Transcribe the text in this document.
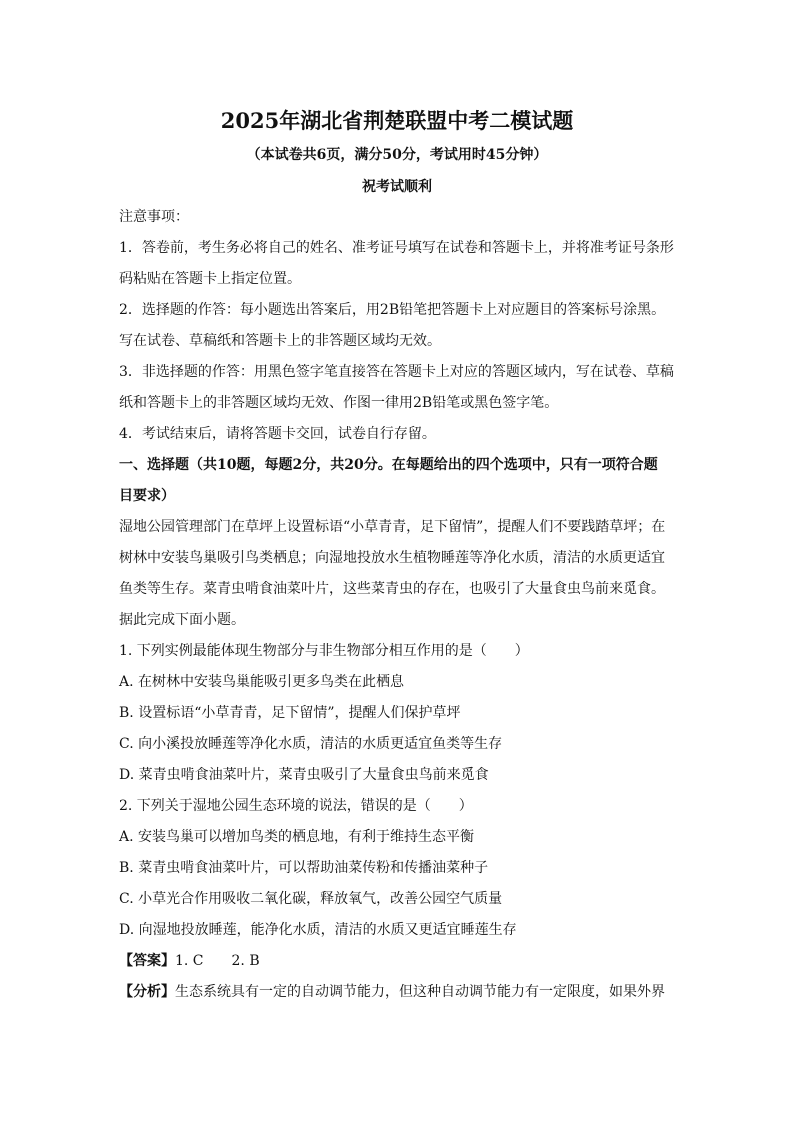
2025年湖北省荆楚联盟中考二模试题
（本试卷共6页，满分50分，考试用时45分钟）
祝考试顺利
注意事项：
1．答卷前，考生务必将自己的姓名、准考证号填写在试卷和答题卡上，并将准考证号条形
码粘贴在答题卡上指定位置。
2．选择题的作答：每小题选出答案后，用2B铅笔把答题卡上对应题目的答案标号涂黑。
写在试卷、草稿纸和答题卡上的非答题区域均无效。
3．非选择题的作答：用黑色签字笔直接答在答题卡上对应的答题区域内，写在试卷、草稿
纸和答题卡上的非答题区域均无效、作图一律用2B铅笔或黑色签字笔。
4．考试结束后，请将答题卡交回，试卷自行存留。
一、选择题（共10题，每题2分，共20分。在每题给出的四个选项中，只有一项符合题
目要求）
湿地公园管理部门在草坪上设置标语“小草青青，足下留情”，提醒人们不要践踏草坪；在
树林中安装鸟巢吸引鸟类栖息；向湿地投放水生植物睡莲等净化水质，清洁的水质更适宜
鱼类等生存。菜青虫啃食油菜叶片，这些菜青虫的存在，也吸引了大量食虫鸟前来觅食。
据此完成下面小题。
1. 下列实例最能体现生物部分与非生物部分相互作用的是（　　）
A. 在树林中安装鸟巢能吸引更多鸟类在此栖息
B. 设置标语“小草青青，足下留情”，提醒人们保护草坪
C. 向小溪投放睡莲等净化水质，清洁的水质更适宜鱼类等生存
D. 菜青虫啃食油菜叶片，菜青虫吸引了大量食虫鸟前来觅食
2. 下列关于湿地公园生态环境的说法，错误的是（　　）
A. 安装鸟巢可以增加鸟类的栖息地，有利于维持生态平衡
B. 菜青虫啃食油菜叶片，可以帮助油菜传粉和传播油菜种子
C. 小草光合作用吸收二氧化碳，释放氧气，改善公园空气质量
D. 向湿地投放睡莲，能净化水质，清洁的水质又更适宜睡莲生存
【答案】1. C　　2. B
【分析】生态系统具有一定的自动调节能力，但这种自动调节能力有一定限度，如果外界
